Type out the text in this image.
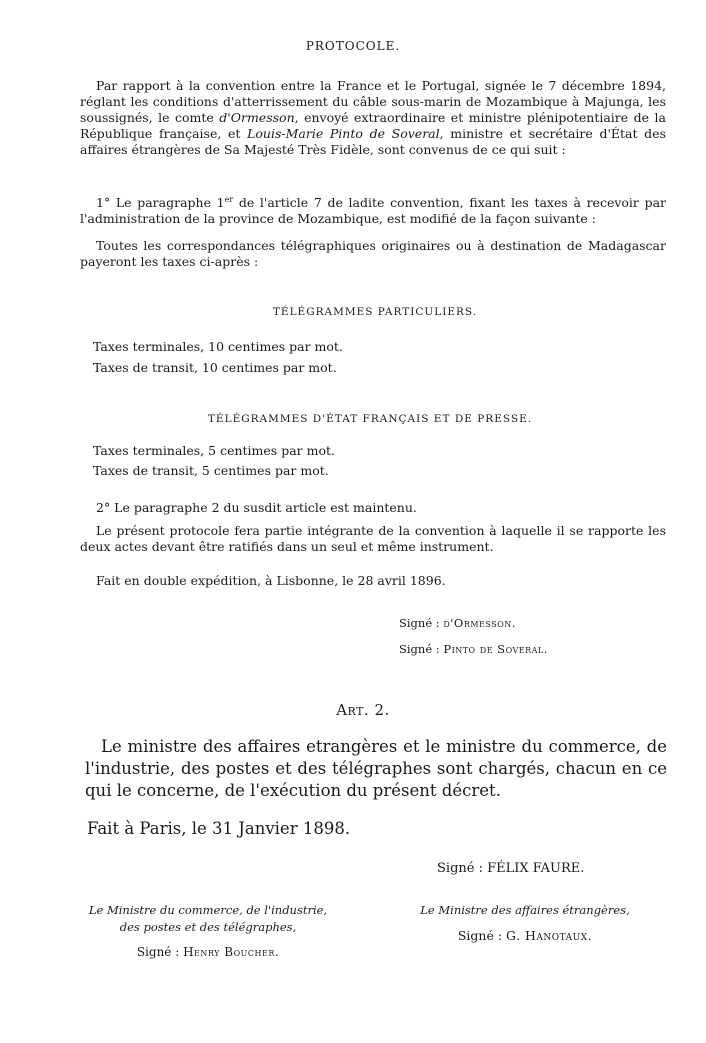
PROTOCOLE.

Par rapport à la convention entre la France et le Portugal, signée le 7 décembre 1894, réglant les conditions d'atterrissement du câble sous-marin de Mozambique à Majunga, les soussignés, le comte d'Ormesson, envoyé extraordinaire et ministre plénipotentiaire de la République française, et Louis-Marie Pinto de Soveral, ministre et secrétaire d'État des affaires étrangères de Sa Majesté Très Fidèle, sont convenus de ce qui suit :

1° Le paragraphe 1er de l'article 7 de ladite convention, fixant les taxes à recevoir par l'administration de la province de Mozambique, est modifié de la façon suivante :

Toutes les correspondances télégraphiques originaires ou à destination de Madagascar payeront les taxes ci-après :

TÉLÉGRAMMES PARTICULIERS.
Taxes terminales, 10 centimes par mot.
Taxes de transit, 10 centimes par mot.
TÉLÉGRAMMES D'ÉTAT FRANÇAIS ET DE PRESSE.
Taxes terminales, 5 centimes par mot.
Taxes de transit, 5 centimes par mot.
2° Le paragraphe 2 du susdit article est maintenu.

Le présent protocole fera partie intégrante de la convention à laquelle il se rapporte les deux actes devant être ratifiés dans un seul et même instrument.

Fait en double expédition, à Lisbonne, le 28 avril 1896.
Signé : d'Ormesson.
Signé : Pinto de Soveral.
Art. 2.

Le ministre des affaires etrangères et le ministre du commerce, de l'industrie, des postes et des télégraphes sont chargés, chacun en ce qui le concerne, de l'exécution du présent décret.

Fait à Paris, le 31 Janvier 1898.
Signé : FÉLIX FAURE.
Le Ministre du commerce, de l'industrie,
des postes et des télégraphes,
Signé : Henry Boucher.
Le Ministre des affaires étrangères,
Signé : G. Hanotaux.
